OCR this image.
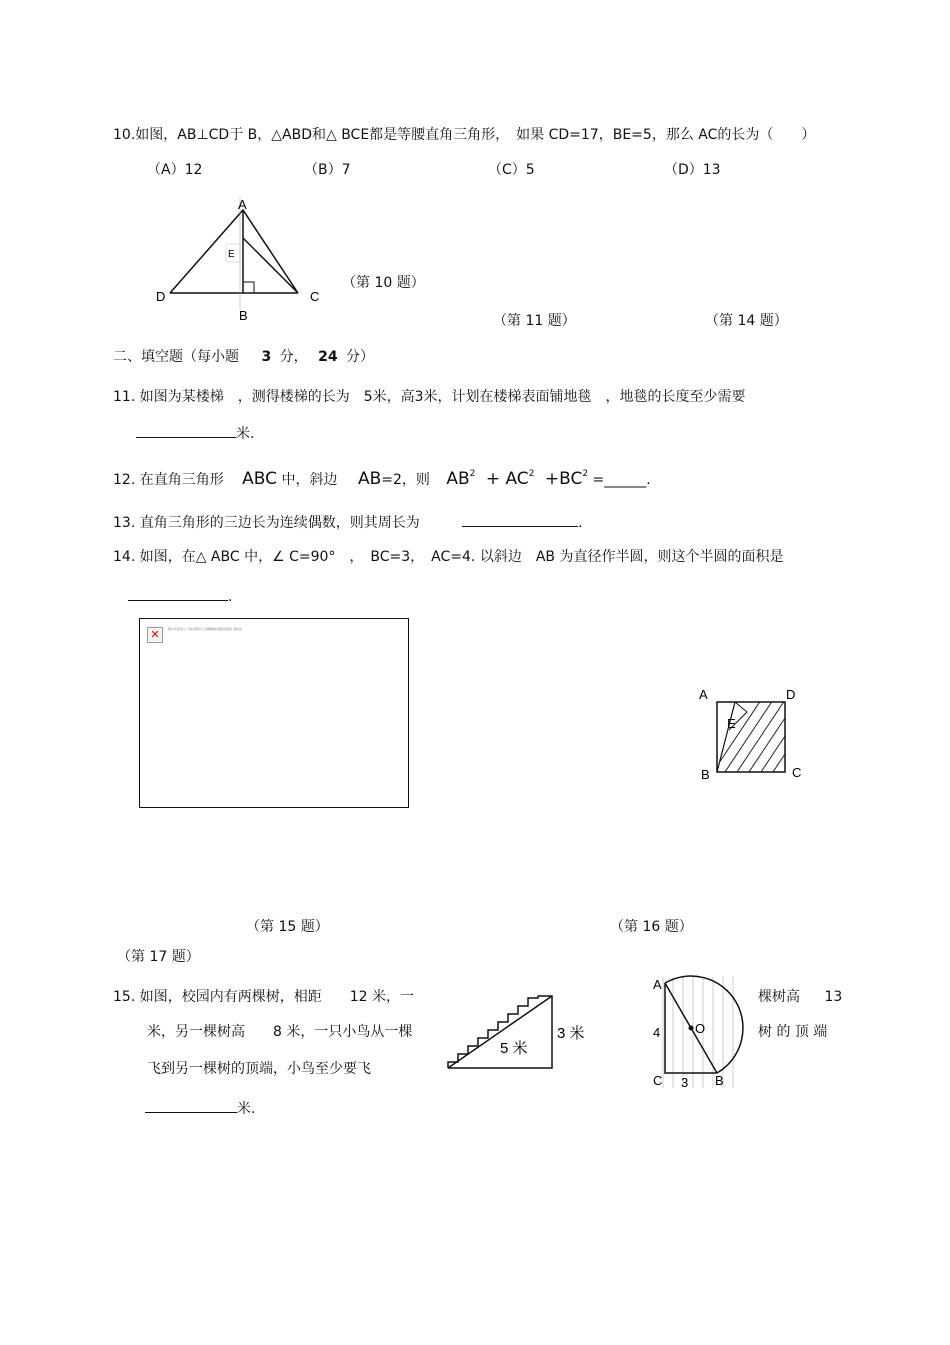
10.如图，AB⊥CD于 B，△ABD和△ BCE都是等腰直角三角形，　如果 CD=17，BE=5，那么 AC的长为（　　）
（A）12	（B）7	（C）5	（D）13
A
E
D	C
B
（第 10 题）
（第 11 题）	（第 14 题）
二、填空题（每小题 3 分， 24 分）
11. 如图为某楼梯　，测得楼梯的长为　5米，高3米，计划在楼梯表面铺地毯　，地毯的长度至少需要
米.
12. 在直角三角形 ABC 中，斜边 AB=2，则 $AB^2 + AC^2 +BC^2$ =______.
13. 直角三角形的三边长为连续偶数，则其周长为	.
14. 如图，在△ ABC 中，∠ C=90°　，　BC=3，　AC=4. 以斜边　AB 为直径作半圆，则这个半圆的面积是
.
✕	图片未能显示 可能是图片已被删除或者路径错误 请检查
A	D
E
B	C
（第 15 题）	（第 16 题）
（第 17 题）
15. 如图，校园内有两棵树，相距　　12 米，一
米，另一棵树高　　8 米，一只小鸟从一棵
飞到另一棵树的顶端，小鸟至少要飞
米.
棵树高 13
树 的 顶 端
5 米
3 米
A
O
4
C 3 B
